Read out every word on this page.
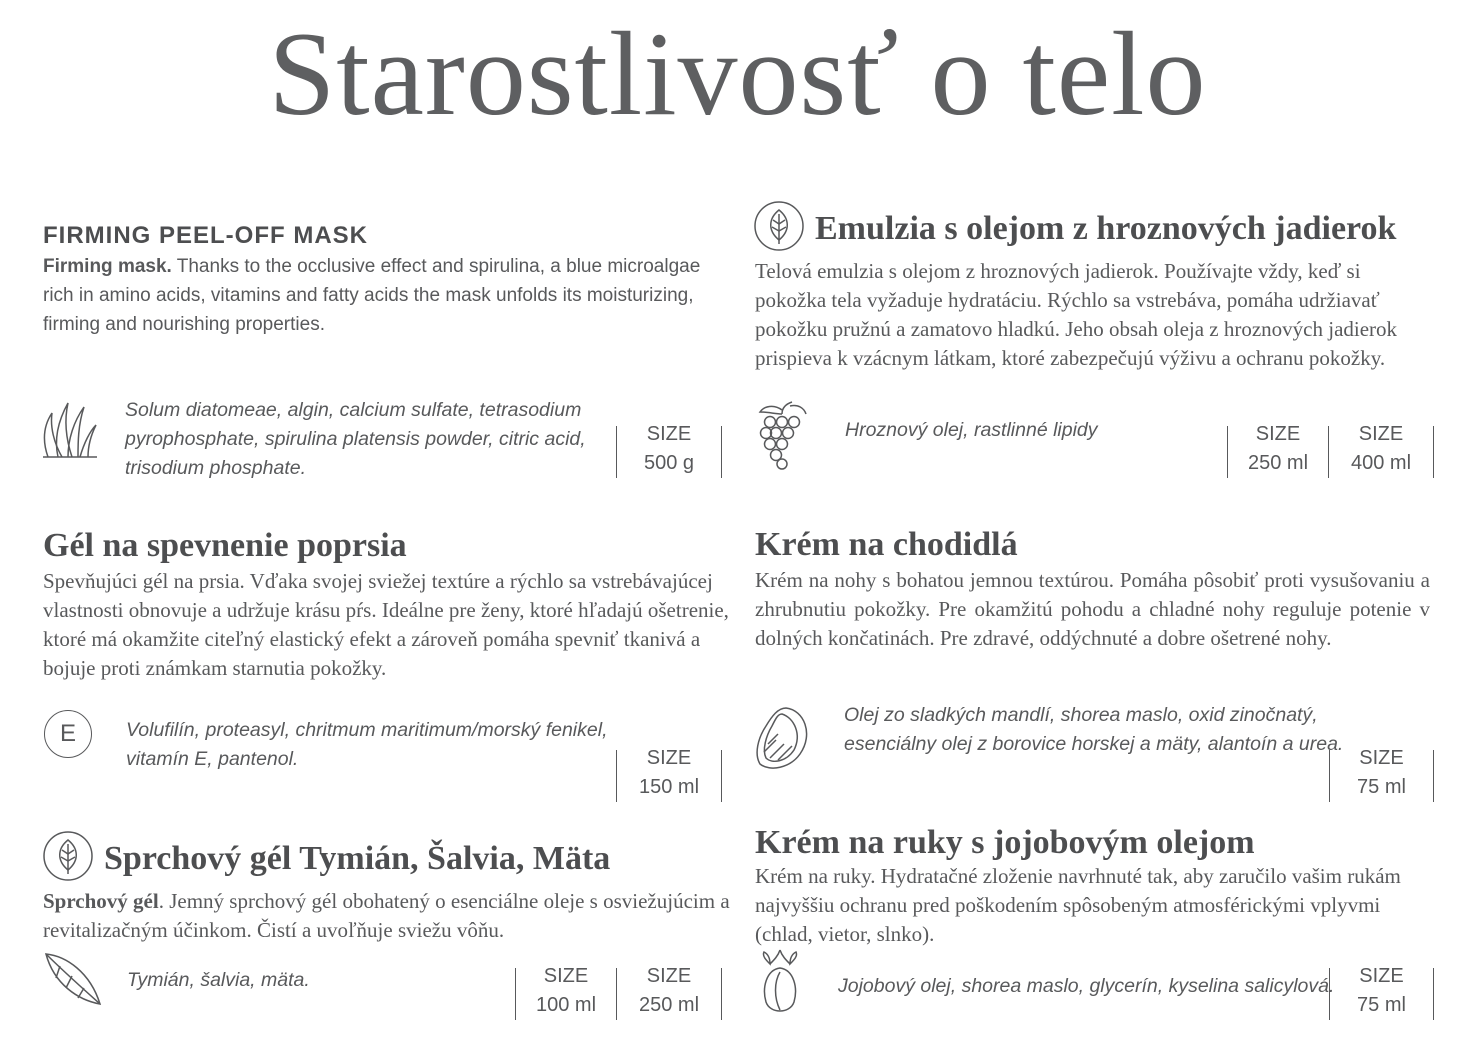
Starostlivosť o telo
FIRMING PEEL-OFF MASK
Firming mask. Thanks to the occlusive effect and spirulina, a blue microalgae rich in amino acids, vitamins and fatty acids the mask unfolds its moisturizing, firming and nourishing properties.
Solum diatomeae, algin, calcium sulfate, tetrasodium pyrophosphate, spirulina platensis powder, citric acid, trisodium phosphate.
SIZE
500 g
Gél na spevnenie poprsia
Spevňujúci gél na prsia. Vďaka svojej sviežej textúre a rýchlo sa vstrebávajúcej vlastnosti obnovuje a udržuje krásu pŕs. Ideálne pre ženy, ktoré hľadajú ošetrenie, ktoré má okamžite citeľný elastický efekt a zároveň pomáha spevniť tkanivá a bojuje proti známkam starnutia pokožky.
E	Volufilín, proteasyl, chritmum maritimum/morský fenikel, vitamín E, pantenol.	SIZE
150 ml
Sprchový gél Tymián, Šalvia, Mäta
Sprchový gél. Jemný sprchový gél obohatený o esenciálne oleje s osviežujúcim a revitalizačným účinkom. Čistí a uvoľňuje sviežu vôňu.
Tymián, šalvia, mäta.	SIZE
100 ml
SIZE
250 ml
Emulzia s olejom z hroznových jadierok
Telová emulzia s olejom z hroznových jadierok. Používajte vždy, keď si pokožka tela vyžaduje hydratáciu. Rýchlo sa vstrebáva, pomáha udržiavať pokožku pružnú a zamatovo hladkú. Jeho obsah oleja z hroznových jadierok prispieva k vzácnym látkam, ktoré zabezpečujú výživu a ochranu pokožky.
Hroznový olej, rastlinné lipidy	SIZE
250 ml
SIZE
400 ml
Krém na chodidlá
Krém na nohy s bohatou jemnou textúrou. Pomáha pôsobiť proti vysušovaniu a zhrubnutiu pokožky. Pre okamžitú pohodu a chladné nohy reguluje potenie v dolných končatinách. Pre zdravé, oddýchnuté a dobre ošetrené nohy.
Olej zo sladkých mandlí, shorea maslo, oxid zinočnatý, esenciálny olej z borovice horskej a mäty, alantoín a urea.
SIZE
75 ml
Krém na ruky s jojobovým olejom
Krém na ruky. Hydratačné zloženie navrhnuté tak, aby zaručilo vašim rukám najvyššiu ochranu pred poškodením spôsobeným atmosférickými vplyvmi (chlad, vietor, slnko).
Jojobový olej, shorea maslo, glycerín, kyselina salicylová.	SIZE
75 ml
